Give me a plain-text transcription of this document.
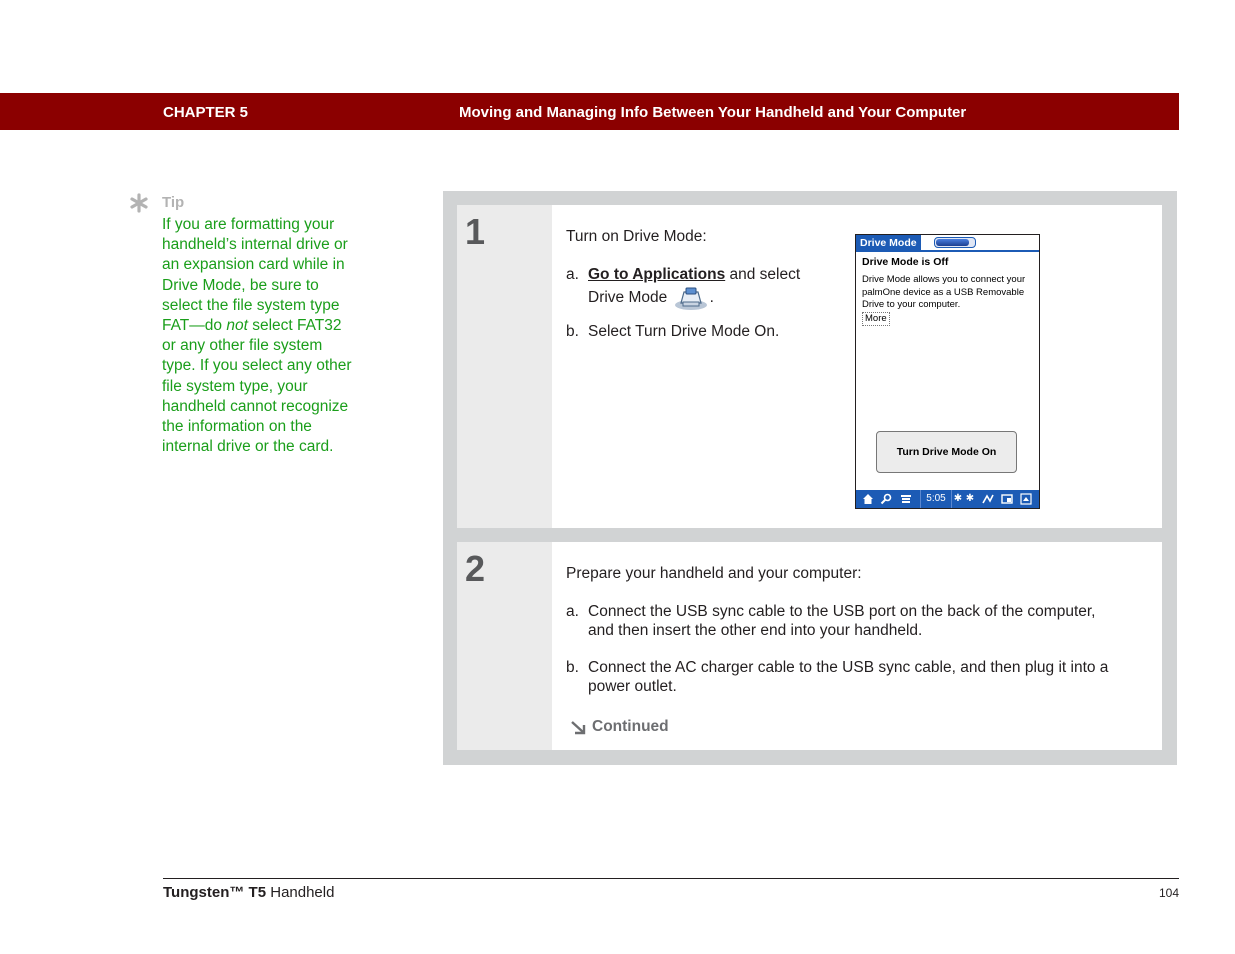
CHAPTER 5	Moving and Managing Info Between Your Handheld and Your Computer
Tip
If you are formatting your handheld’s internal drive or an expansion card while in Drive Mode, be sure to select the file system type FAT—do not select FAT32 or any other file system type. If you select any other file system type, your handheld cannot recognize the information on the internal drive or the card.
1	Turn on Drive Mode:
a. Go to Applications and select
Drive Mode	.
b. Select Turn Drive Mode On.
Drive Mode
Drive Mode is Off
Drive Mode allows you to connect your palmOne device as a USB Removable Drive to your computer.
More
Turn Drive Mode On
5:05 ✱ ✱
2	Prepare your handheld and your computer:
a. Connect the USB sync cable to the USB port on the back of the computer,
and then insert the other end into your handheld.
b. Connect the AC charger cable to the USB sync cable, and then plug it into a
power outlet.
Continued
Tungsten™ T5 Handheld	104
